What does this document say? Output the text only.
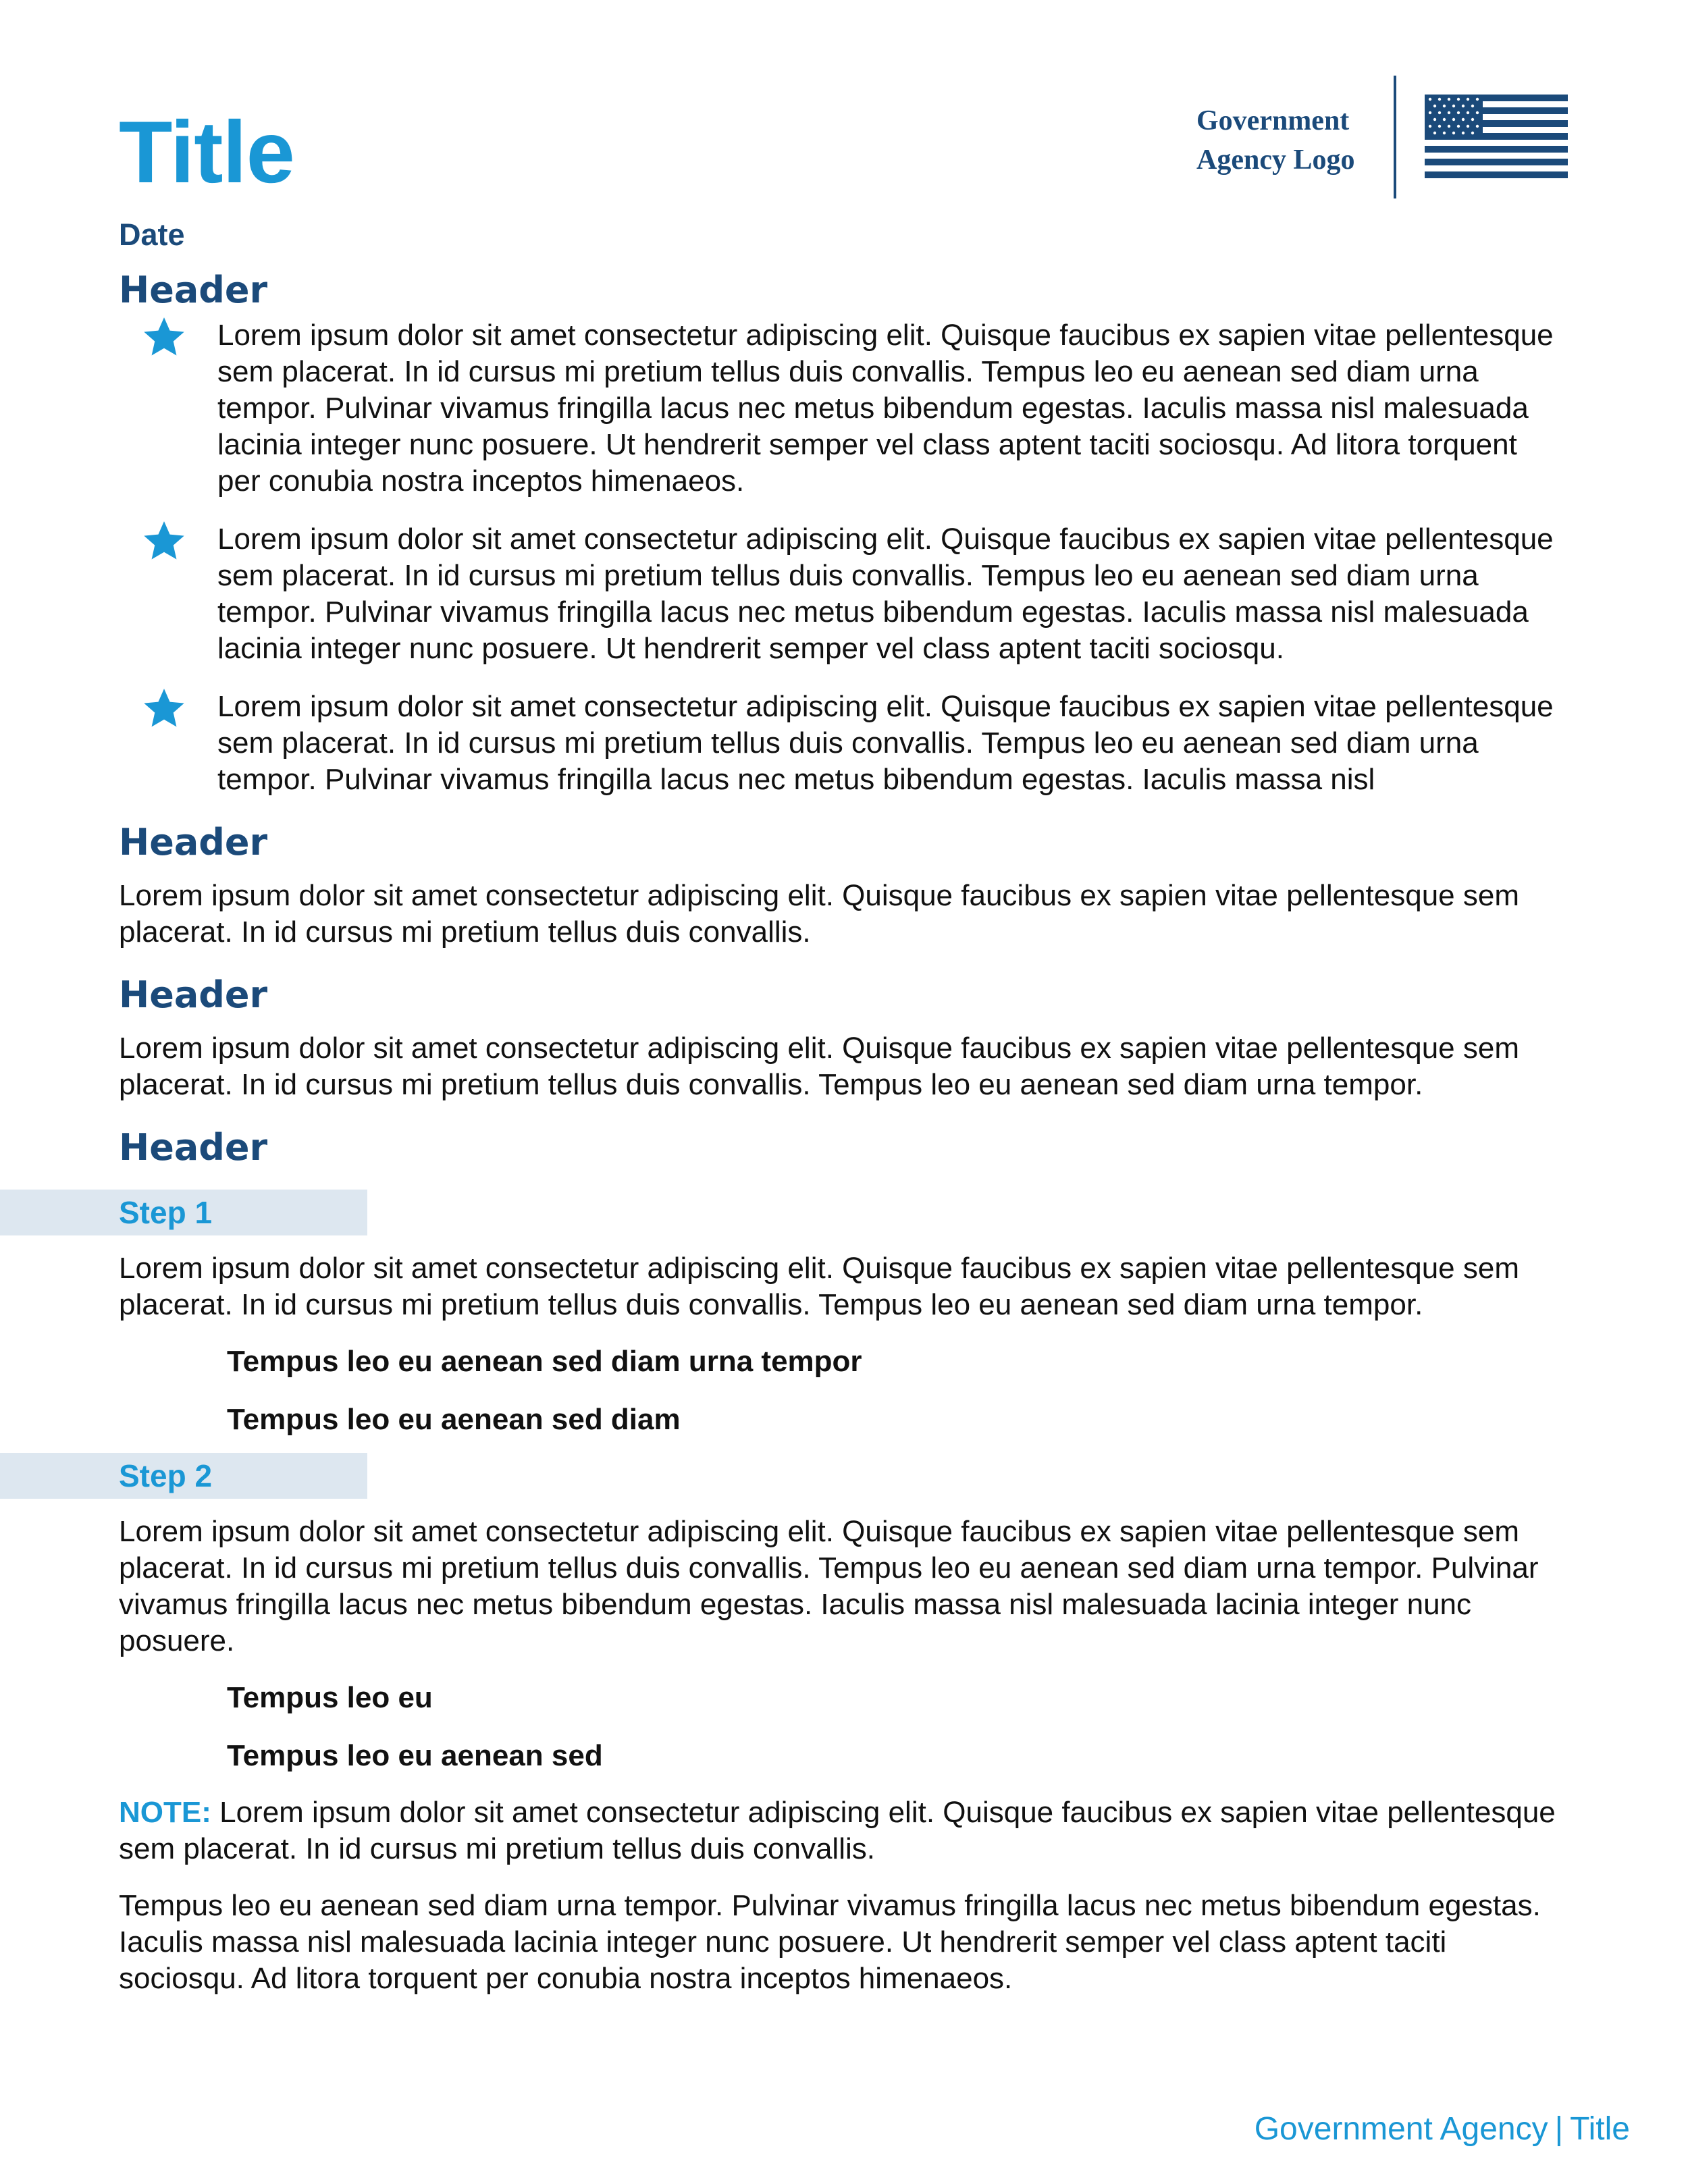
Title
Date
Government
Agency Logo
Header

Lorem ipsum dolor sit amet consectetur adipiscing elit. Quisque faucibus ex sapien vitae pellentesque sem placerat. In id cursus mi pretium tellus duis convallis. Tempus leo eu aenean sed diam urna tempor. Pulvinar vivamus fringilla lacus nec metus bibendum egestas. Iaculis massa nisl malesuada lacinia integer nunc posuere. Ut hendrerit semper vel class aptent taciti sociosqu. Ad litora torquent per conubia nostra inceptos himenaeos.

Lorem ipsum dolor sit amet consectetur adipiscing elit. Quisque faucibus ex sapien vitae pellentesque sem placerat. In id cursus mi pretium tellus duis convallis. Tempus leo eu aenean sed diam urna tempor. Pulvinar vivamus fringilla lacus nec metus bibendum egestas. Iaculis massa nisl malesuada lacinia integer nunc posuere. Ut hendrerit semper vel class aptent taciti sociosqu.

Lorem ipsum dolor sit amet consectetur adipiscing elit. Quisque faucibus ex sapien vitae pellentesque sem placerat. In id cursus mi pretium tellus duis convallis. Tempus leo eu aenean sed diam urna tempor. Pulvinar vivamus fringilla lacus nec metus bibendum egestas. Iaculis massa nisl

Header

Lorem ipsum dolor sit amet consectetur adipiscing elit. Quisque faucibus ex sapien vitae pellentesque sem placerat. In id cursus mi pretium tellus duis convallis.

Header

Lorem ipsum dolor sit amet consectetur adipiscing elit. Quisque faucibus ex sapien vitae pellentesque sem placerat. In id cursus mi pretium tellus duis convallis. Tempus leo eu aenean sed diam urna tempor.

Header
Step 1

Lorem ipsum dolor sit amet consectetur adipiscing elit. Quisque faucibus ex sapien vitae pellentesque sem placerat. In id cursus mi pretium tellus duis convallis. Tempus leo eu aenean sed diam urna tempor.

Tempus leo eu aenean sed diam urna tempor

Tempus leo eu aenean sed diam

Step 2

Lorem ipsum dolor sit amet consectetur adipiscing elit. Quisque faucibus ex sapien vitae pellentesque sem placerat. In id cursus mi pretium tellus duis convallis. Tempus leo eu aenean sed diam urna tempor. Pulvinar vivamus fringilla lacus nec metus bibendum egestas. Iaculis massa nisl malesuada lacinia integer nunc posuere.

Tempus leo eu

Tempus leo eu aenean sed

NOTE: Lorem ipsum dolor sit amet consectetur adipiscing elit. Quisque faucibus ex sapien vitae pellentesque sem placerat. In id cursus mi pretium tellus duis convallis.

Tempus leo eu aenean sed diam urna tempor. Pulvinar vivamus fringilla lacus nec metus bibendum egestas. Iaculis massa nisl malesuada lacinia integer nunc posuere. Ut hendrerit semper vel class aptent taciti sociosqu. Ad litora torquent per conubia nostra inceptos himenaeos.

Government Agency | Title
